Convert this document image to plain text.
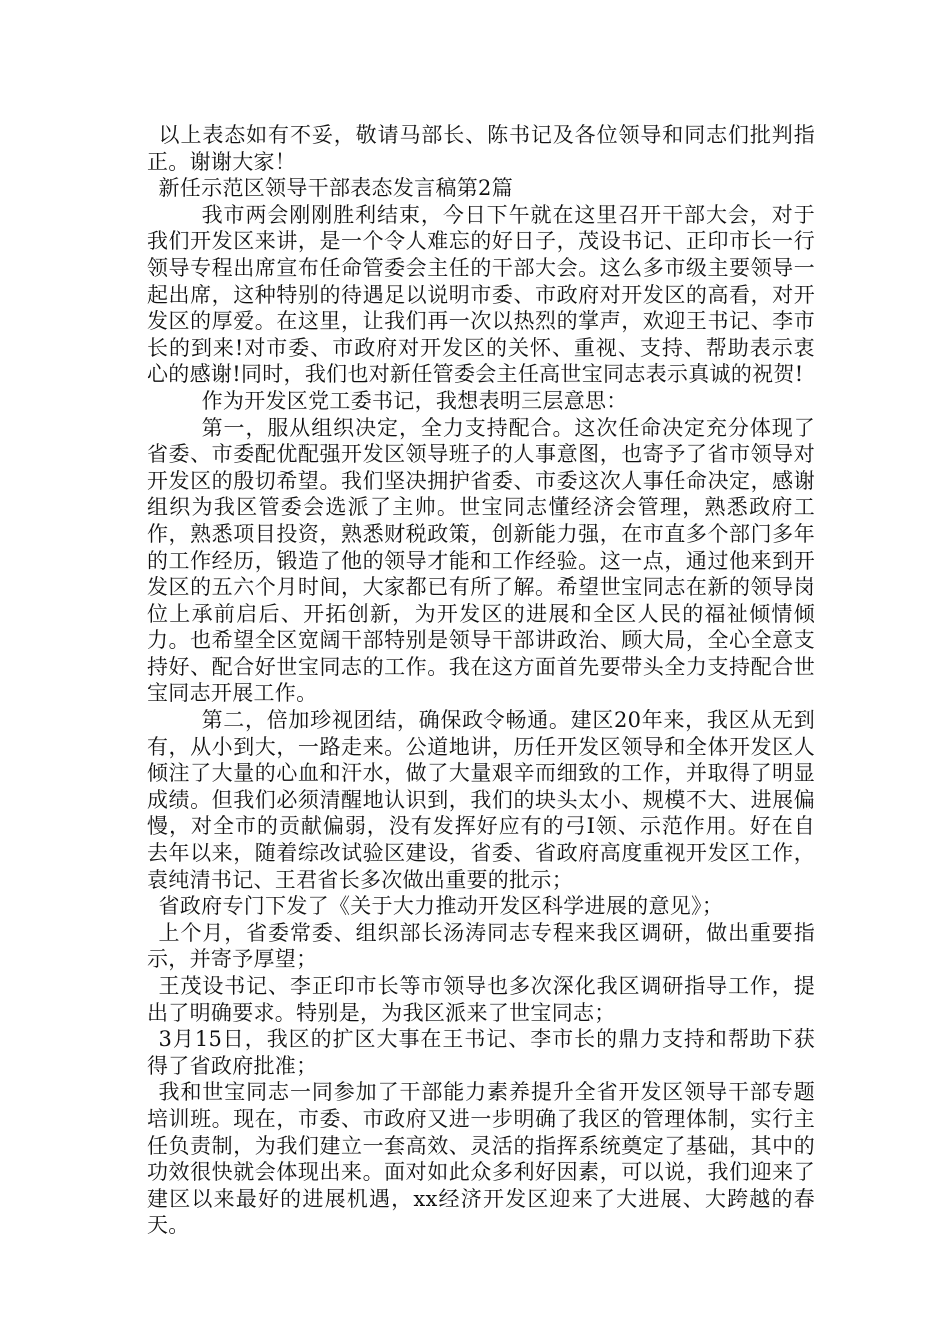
以上表态如有不妥，敬请马部长、陈书记及各位领导和同志们批判指正。谢谢大家！

新任示范区领导干部表态发言稿第2篇

我市两会刚刚胜利结束，今日下午就在这里召开干部大会，对于我们开发区来讲，是一个令人难忘的好日子，茂设书记、正印市长一行领导专程出席宣布任命管委会主任的干部大会。这么多市级主要领导一起出席，这种特别的待遇足以说明市委、市政府对开发区的高看，对开发区的厚爱。在这里，让我们再一次以热烈的掌声，欢迎王书记、李市长的到来!对市委、市政府对开发区的关怀、重视、支持、帮助表示衷心的感谢!同时，我们也对新任管委会主任高世宝同志表示真诚的祝贺!

作为开发区党工委书记，我想表明三层意思：

第一，服从组织决定，全力支持配合。这次任命决定充分体现了省委、市委配优配强开发区领导班子的人事意图，也寄予了省市领导对开发区的殷切希望。我们坚决拥护省委、市委这次人事任命决定，感谢组织为我区管委会选派了主帅。世宝同志懂经济会管理，熟悉政府工作，熟悉项目投资，熟悉财税政策，创新能力强，在市直多个部门多年的工作经历，锻造了他的领导才能和工作经验。这一点，通过他来到开发区的五六个月时间，大家都已有所了解。希望世宝同志在新的领导岗位上承前启后、开拓创新，为开发区的进展和全区人民的福祉倾情倾力。也希望全区宽阔干部特别是领导干部讲政治、顾大局，全心全意支持好、配合好世宝同志的工作。我在这方面首先要带头全力支持配合世宝同志开展工作。

第二，倍加珍视团结，确保政令畅通。建区20年来，我区从无到有，从小到大，一路走来。公道地讲，历任开发区领导和全体开发区人倾注了大量的心血和汗水，做了大量艰辛而细致的工作，并取得了明显成绩。但我们必须清醒地认识到，我们的块头太小、规模不大、进展偏慢，对全市的贡献偏弱，没有发挥好应有的弓I领、示范作用。好在自去年以来，随着综改试验区建设，省委、省政府高度重视开发区工作，袁纯清书记、王君省长多次做出重要的批示；

省政府专门下发了《关于大力推动开发区科学进展的意见》；

上个月，省委常委、组织部长汤涛同志专程来我区调研，做出重要指示，并寄予厚望；

王茂设书记、李正印市长等市领导也多次深化我区调研指导工作，提出了明确要求。特别是，为我区派来了世宝同志；

3月15日，我区的扩区大事在王书记、李市长的鼎力支持和帮助下获得了省政府批准；

我和世宝同志一同参加了干部能力素养提升全省开发区领导干部专题培训班。现在，市委、市政府又进一步明确了我区的管理体制，实行主任负责制，为我们建立一套高效、灵活的指挥系统奠定了基础，其中的功效很快就会体现出来。面对如此众多利好因素，可以说，我们迎来了建区以来最好的进展机遇，xx经济开发区迎来了大进展、大跨越的春天。
